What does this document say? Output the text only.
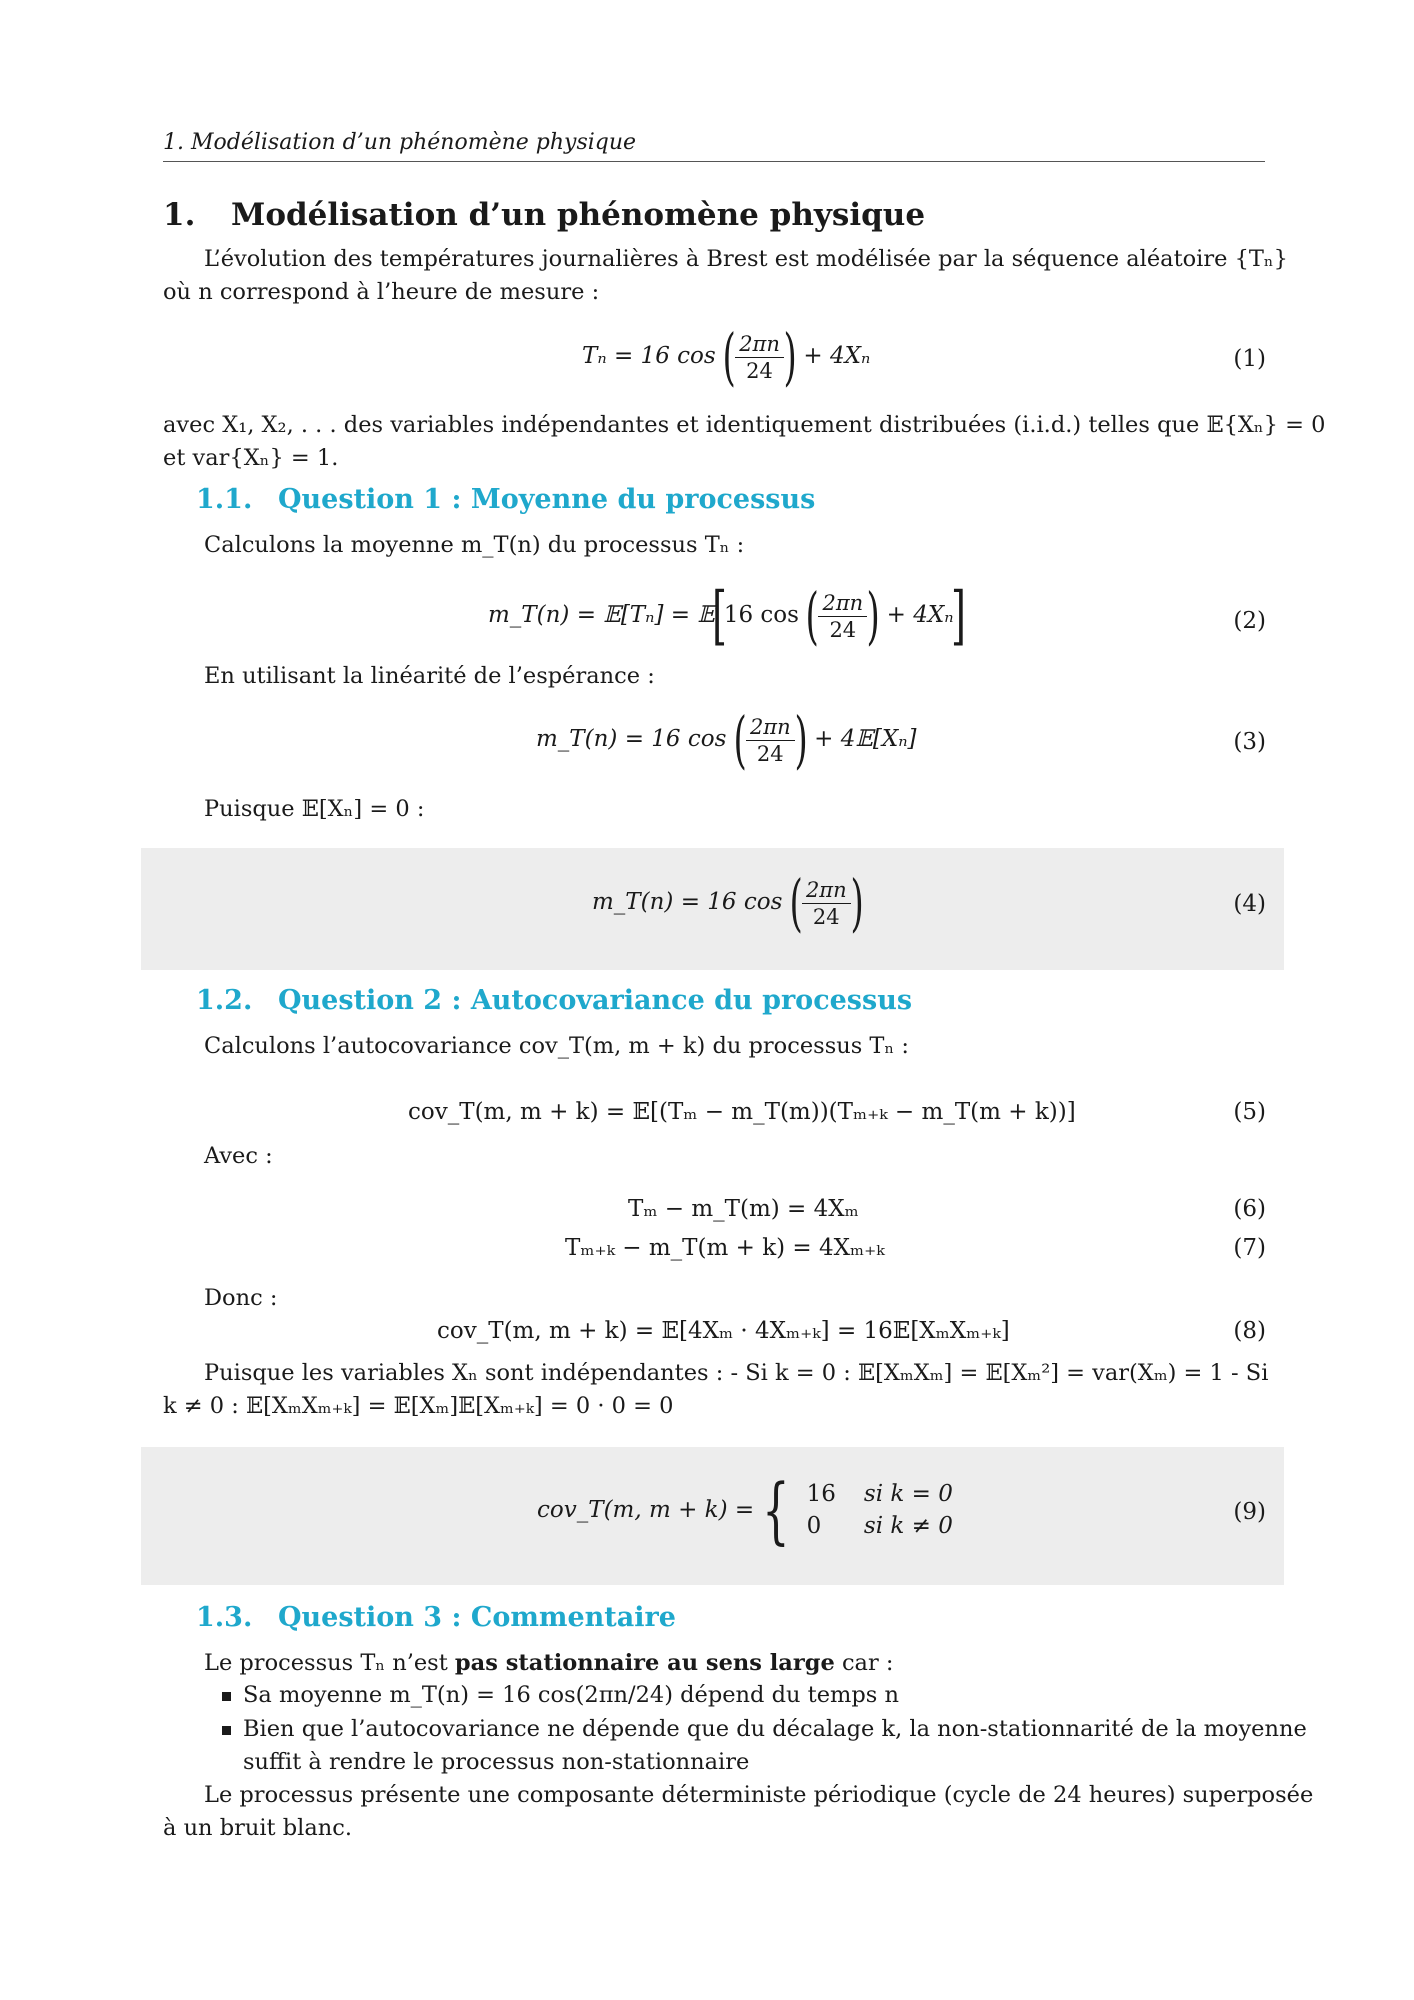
1. Modélisation d’un phénomène physique
1. Modélisation d’un phénomène physique
L’évolution des températures journalières à Brest est modélisée par la séquence aléatoire {Tₙ}
où n correspond à l’heure de mesure :
Tₙ = 16 cos ( $\frac{2\pi n}{24}$ ) + 4Xₙ	(1)
avec X₁, X₂, . . . des variables indépendantes et identiquement distribuées (i.i.d.) telles que 𝔼{Xₙ} = 0
et var{Xₙ} = 1.
1.1. Question 1 : Moyenne du processus
Calculons la moyenne m_T(n) du processus Tₙ :
m_T(n) = 𝔼[Tₙ] = 𝔼[16 cos ( $\frac{2\pi n}{24}$ ) + 4Xₙ]	(2)
En utilisant la linéarité de l’espérance :
m_T(n) = 16 cos ( $\frac{2\pi n}{24}$ ) + 4𝔼[Xₙ]	(3)
Puisque 𝔼[Xₙ] = 0 :
m_T(n) = 16 cos ( $\frac{2\pi n}{24}$ )	(4)
1.2. Question 2 : Autocovariance du processus
Calculons l’autocovariance cov_T(m, m + k) du processus Tₙ :
cov_T(m, m + k) = 𝔼[(Tₘ − m_T(m))(Tₘ₊ₖ − m_T(m + k))]	(5)
Avec :
Tₘ − m_T(m) = 4Xₘ	(6)
Tₘ₊ₖ − m_T(m + k) = 4Xₘ₊ₖ	(7)
Donc :
cov_T(m, m + k) = 𝔼[4Xₘ · 4Xₘ₊ₖ] = 16𝔼[XₘXₘ₊ₖ]	(8)
Puisque les variables Xₙ sont indépendantes : - Si k = 0 : 𝔼[XₘXₘ] = 𝔼[Xₘ²] = var(Xₘ) = 1 - Si
k ≠ 0 : 𝔼[XₘXₘ₊ₖ] = 𝔼[Xₘ]𝔼[Xₘ₊ₖ] = 0 · 0 = 0
cov_T(m, m + k) = { 16	si k = 0
0	si k ≠ 0
(9)
1.3. Question 3 : Commentaire
Le processus Tₙ n’est pas stationnaire au sens large car :
Sa moyenne m_T(n) = 16 cos(2πn/24) dépend du temps n
Bien que l’autocovariance ne dépende que du décalage k, la non-stationnarité de la moyenne
suffit à rendre le processus non-stationnaire
Le processus présente une composante déterministe périodique (cycle de 24 heures) superposée
à un bruit blanc.
